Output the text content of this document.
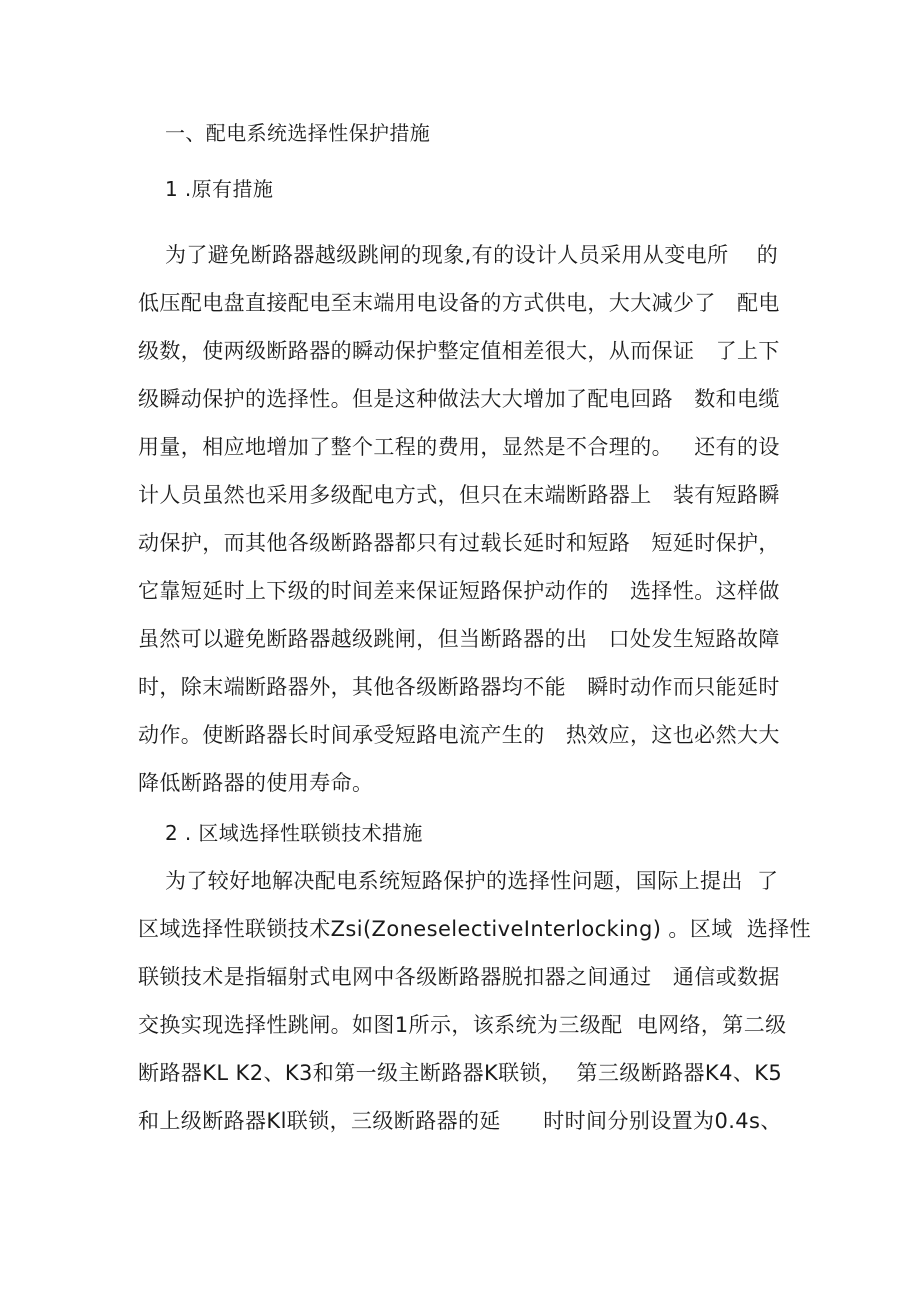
一、配电系统选择性保护措施
1 .原有措施
为了避免断路器越级跳闸的现象,有的设计人员采用从变电所    的
低压配电盘直接配电至末端用电设备的方式供电，大大减少了   配电
级数，使两级断路器的瞬动保护整定值相差很大，从而保证   了上下
级瞬动保护的选择性。但是这种做法大大增加了配电回路   数和电缆
用量，相应地增加了整个工程的费用，显然是不合理的。   还有的设
计人员虽然也采用多级配电方式，但只在末端断路器上   装有短路瞬
动保护，而其他各级断路器都只有过载长延时和短路   短延时保护，
它靠短延时上下级的时间差来保证短路保护动作的   选择性。这样做
虽然可以避免断路器越级跳闸，但当断路器的出   口处发生短路故障
时，除末端断路器外，其他各级断路器均不能   瞬时动作而只能延时
动作。使断路器长时间承受短路电流产生的   热效应，这也必然大大
降低断路器的使用寿命。
2 . 区域选择性联锁技术措施
为了较好地解决配电系统短路保护的选择性问题，国际上提出  了
区域选择性联锁技术Zsi(ZoneselectiveInterlocking) 。区域  选择性
联锁技术是指辐射式电网中各级断路器脱扣器之间通过   通信或数据
交换实现选择性跳闸。如图1所示，该系统为三级配  电网络，第二级
断路器KL K2、K3和第一级主断路器K联锁，  第三级断路器K4、K5
和上级断路器Kl联锁，三级断路器的延      时时间分别设置为0.4s、
